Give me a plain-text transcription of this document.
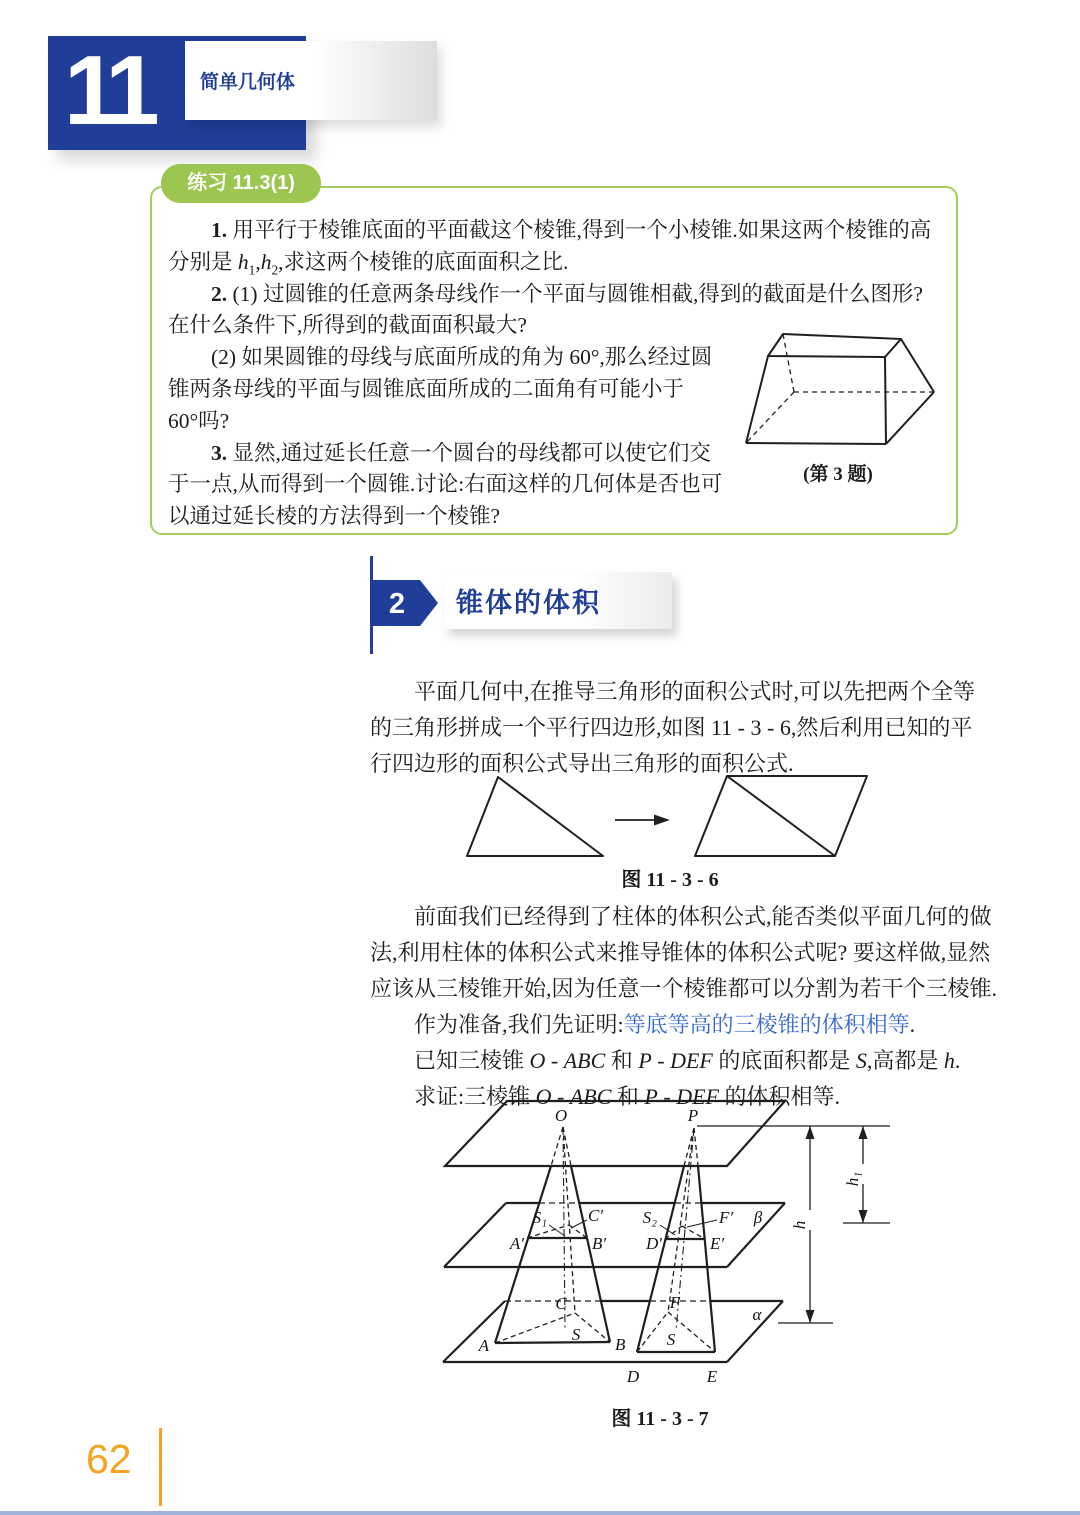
11	简单几何体
练习 11.3(1)
　　1. 用平行于棱锥底面的平面截这个棱锥,得到一个小棱锥.如果这两个棱锥的高
分别是 $h_1,h_2$,求这两个棱锥的底面面积之比.
　　2. (1) 过圆锥的任意两条母线作一个平面与圆锥相截,得到的截面是什么图形?
在什么条件下,所得到的截面面积最大?
　　(2) 如果圆锥的母线与底面所成的角为 60°,那么经过圆
锥两条母线的平面与圆锥底面所成的二面角有可能小于
60°吗?
　　3. 显然,通过延长任意一个圆台的母线都可以使它们交
于一点,从而得到一个圆锥.讨论:右面这样的几何体是否也可
以通过延长棱的方法得到一个棱锥?
(第 3 题)
锥体的体积
2
　　平面几何中,在推导三角形的面积公式时,可以先把两个全等
的三角形拼成一个平行四边形,如图 11 - 3 - 6,然后利用已知的平
行四边形的面积公式导出三角形的面积公式.
图 11 - 3 - 6
　　前面我们已经得到了柱体的体积公式,能否类似平面几何的做
法,利用柱体的体积公式来推导锥体的体积公式呢? 要这样做,显然
应该从三棱锥开始,因为任意一个棱锥都可以分割为若干个三棱锥.
　　作为准备,我们先证明:等底等高的三棱锥的体积相等.
　　已知三棱锥 O - ABC 和 P - DEF 的底面积都是 S,高都是 h.
　　求证:三棱锥 O - ABC 和 P - DEF 的体积相等.
O	P
A′	B′
C′
S₁
D′	E′
F′
S₂
A	B
C
S
D	E
F
S
β
α
h
h₁
图 11 - 3 - 7
62
